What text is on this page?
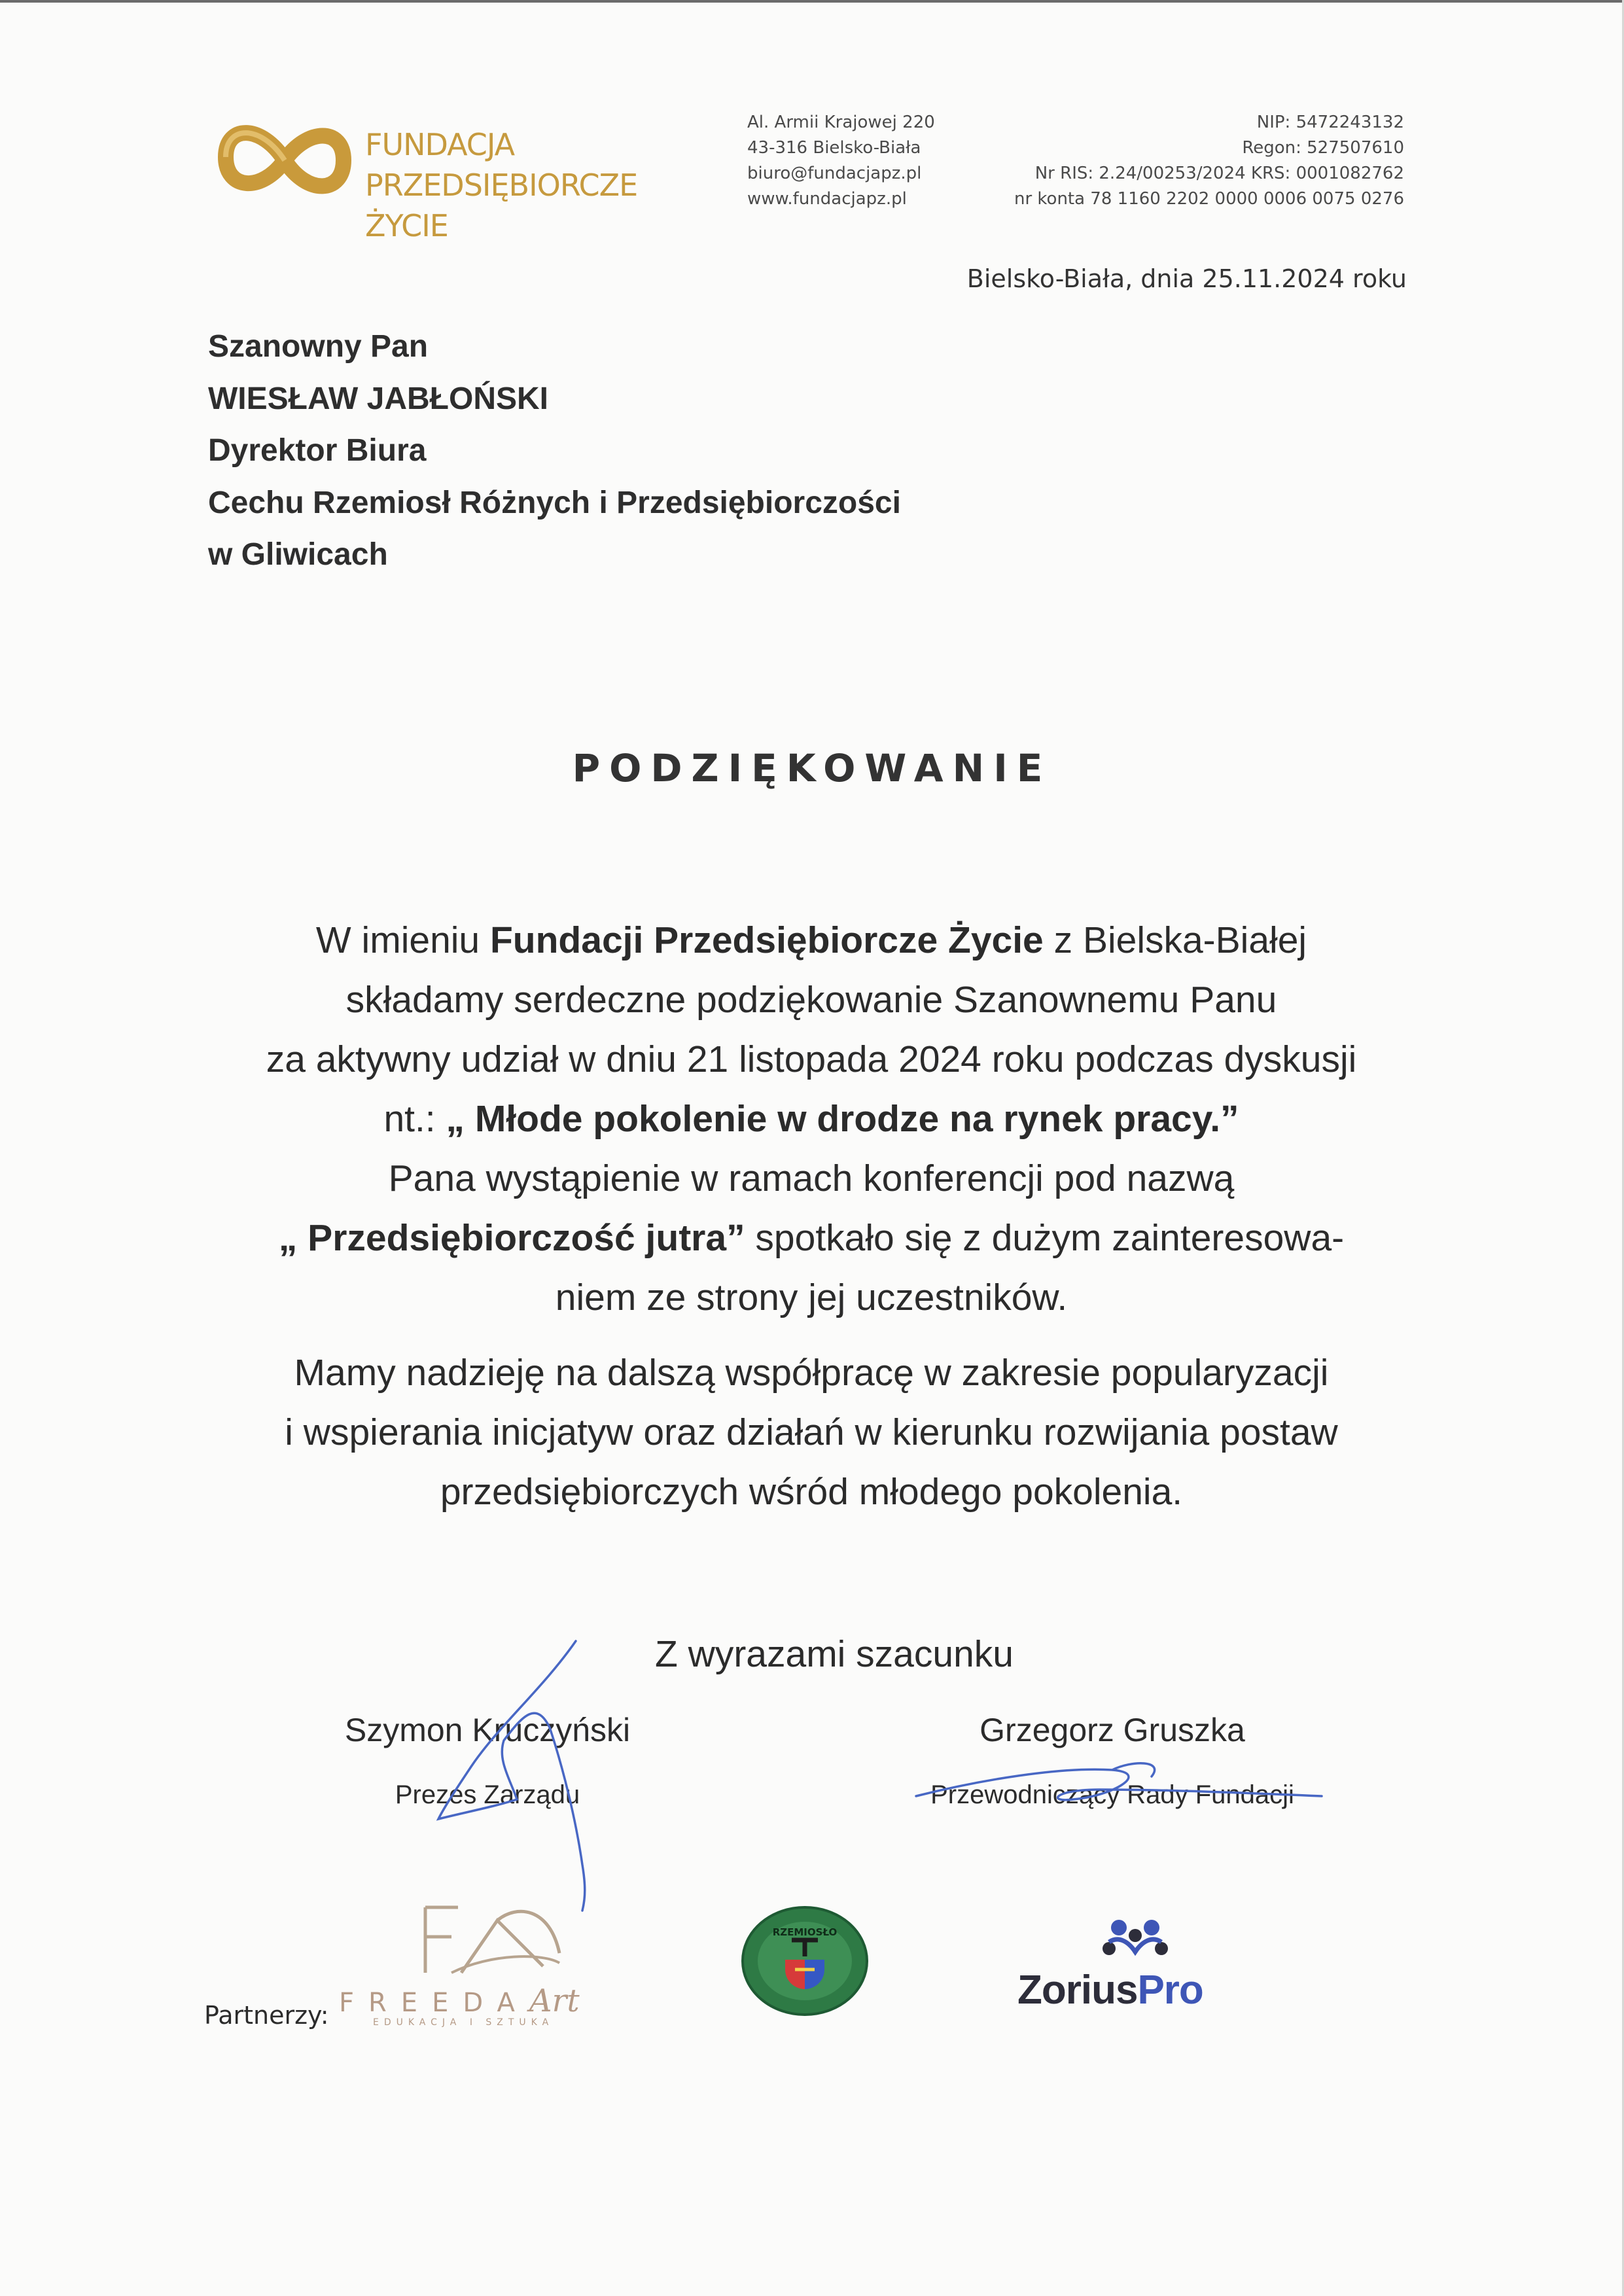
FUNDACJA
PRZEDSIĘBIORCZE ŻYCIE
Al. Armii Krajowej 220
43-316 Bielsko-Biała
biuro@fundacjapz.pl
www.fundacjapz.pl
NIP: 5472243132
Regon: 527507610
Nr RIS: 2.24/00253/2024 KRS: 0001082762
nr konta 78 1160 2202 0000 0006 0075 0276
Bielsko-Biała, dnia 25.11.2024 roku
Szanowny Pan
WIESŁAW JABŁOŃSKI
Dyrektor Biura
Cechu Rzemiosł Różnych i Przedsiębiorczości
w Gliwicach
PODZIĘKOWANIE
W imieniu Fundacji Przedsiębiorcze Życie z Bielska-Białej
składamy serdeczne podziękowanie Szanownemu Panu
za aktywny udział w dniu 21 listopada 2024 roku podczas dyskusji
nt.: „ Młode pokolenie w drodze na rynek pracy.”
Pana wystąpienie w ramach konferencji pod nazwą
„ Przedsiębiorczość jutra” spotkało się z dużym zainteresowa-
niem ze strony jej uczestników.
Mamy nadzieję na dalszą współpracę w zakresie popularyzacji
i wspierania inicjatyw oraz działań w kierunku rozwijania postaw
przedsiębiorczych wśród młodego pokolenia.
Z wyrazami szacunku
Szymon Kruczyński
Prezes Zarządu
Grzegorz Gruszka
Przewodniczący Rady Fundacji
Partnerzy: FREEDAArt
EDUKACJA I SZTUKA
RZEMIOSŁO
ZoriusPro
